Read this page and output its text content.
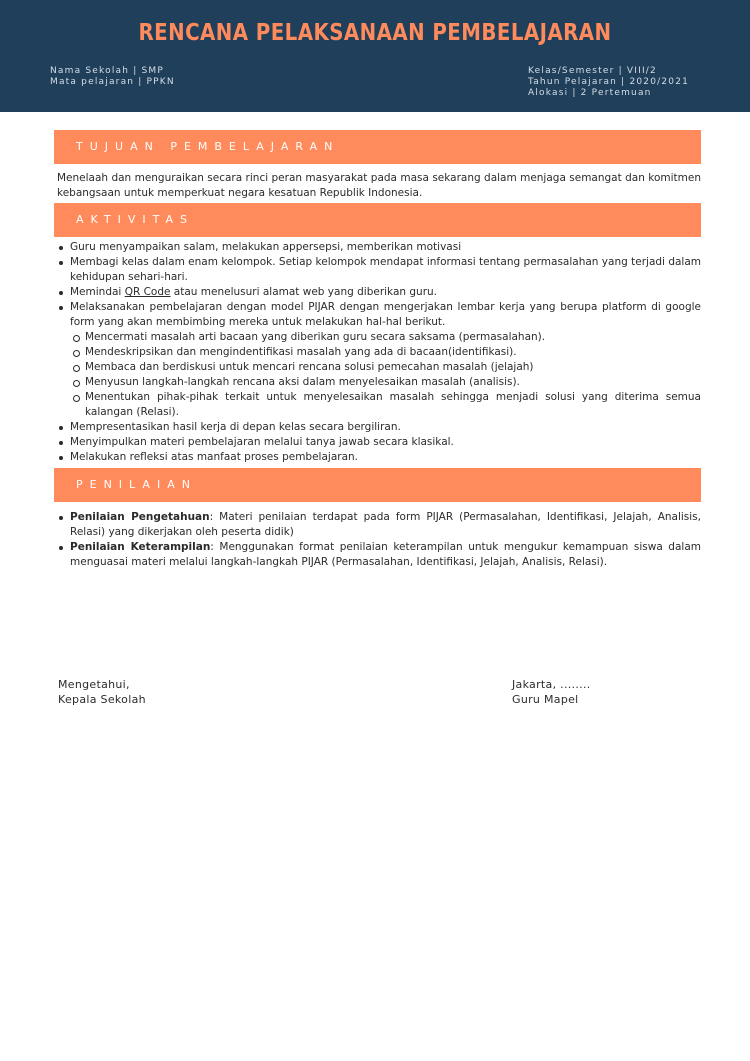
RENCANA PELAKSANAAN PEMBELAJARAN
Nama Sekolah | SMP
Mata pelajaran | PPKN
Kelas/Semester | VIII/2
Tahun Pelajaran | 2020/2021
Alokasi | 2 Pertemuan
TUJUAN PEMBELAJARAN
Menelaah dan menguraikan secara rinci peran masyarakat pada masa sekarang dalam menjaga semangat dan komitmen kebangsaan untuk memperkuat negara kesatuan Republik Indonesia.
AKTIVITAS
Guru menyampaikan salam, melakukan appersepsi, memberikan motivasi
Membagi kelas dalam enam kelompok. Setiap kelompok mendapat informasi tentang permasalahan yang terjadi dalam kehidupan sehari-hari.
Memindai QR Code atau menelusuri alamat web yang diberikan guru.
Melaksanakan pembelajaran dengan model PIJAR dengan mengerjakan lembar kerja yang berupa platform di google form yang akan membimbing mereka untuk melakukan hal-hal berikut.
Mencermati masalah arti bacaan yang diberikan guru secara saksama (permasalahan).
Mendeskripsikan dan mengindentifikasi masalah yang ada di bacaan(identifikasi).
Membaca dan berdiskusi untuk mencari rencana solusi pemecahan masalah (jelajah)
Menyusun langkah-langkah rencana aksi dalam menyelesaikan masalah (analisis).
Menentukan pihak-pihak terkait untuk menyelesaikan masalah sehingga menjadi solusi yang diterima semua kalangan (Relasi).
Mempresentasikan hasil kerja di depan kelas secara bergiliran.
Menyimpulkan materi pembelajaran melalui tanya jawab secara klasikal.
Melakukan refleksi atas manfaat proses pembelajaran.
PENILAIAN
Penilaian Pengetahuan: Materi penilaian terdapat pada form PIJAR (Permasalahan, Identifikasi, Jelajah, Analisis, Relasi) yang dikerjakan oleh peserta didik)
Penilaian Keterampilan: Menggunakan format penilaian keterampilan untuk mengukur kemampuan siswa dalam menguasai materi melalui langkah-langkah PIJAR (Permasalahan, Identifikasi, Jelajah, Analisis, Relasi).
Mengetahui,
Kepala Sekolah
Jakarta, ........
Guru Mapel
